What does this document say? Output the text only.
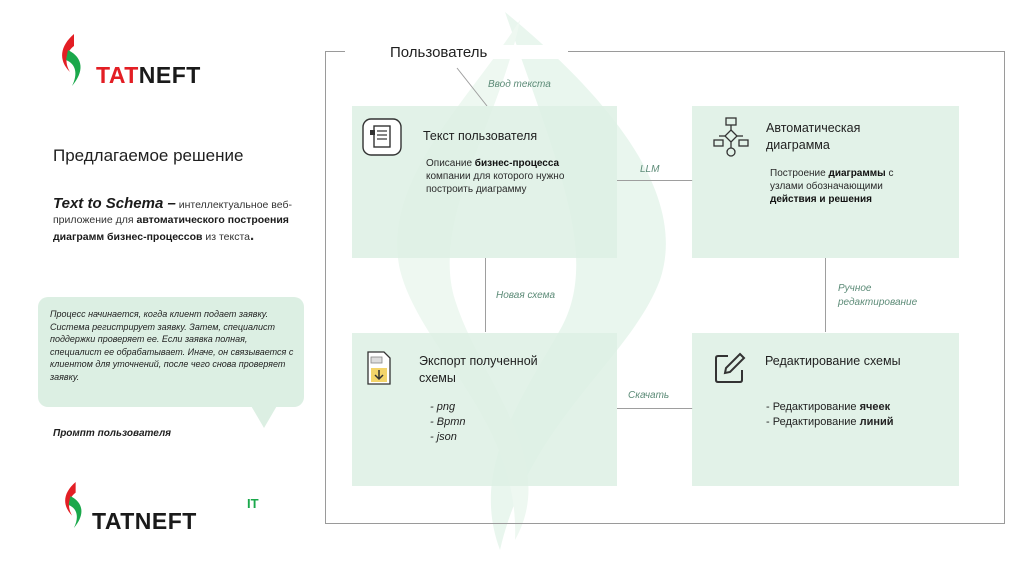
TATNEFT
Предлагаемое решение
Text to Schema – интеллектуальное веб-приложение для автоматического построения диаграмм бизнес-процессов из текста.
Процесс начинается, когда клиент подает заявку. Система регистрирует заявку. Затем, специалист поддержки проверяет ее. Если заявка полная, специалист ее обрабатывает. Иначе, он связывается с клиентом для уточнений, после чего снова проверяет заявку.
Промпт пользователя
TATNEFT
IT
Пользователь
Ввод текста
LLM
Новая схема
Ручное
редактирование
Скачать
Текст пользователя
Описание бизнес-процесса
компании для которого нужно
построить диаграмму
Автоматическая
диаграмма
Построение диаграммы с
узлами обозначающими
действия и решения
Экспорт полученной
схемы
- png
- Bpmn
- json
Редактирование схемы
- Редактирование ячеек
- Редактирование линий
